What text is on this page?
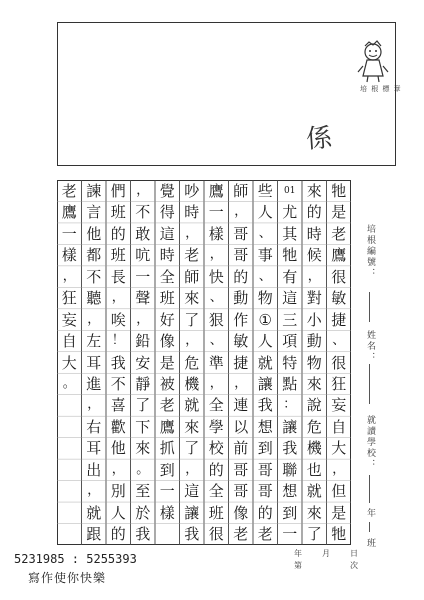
係
培 根 標 章
牠
是
老
鷹
很
敏
捷
、
很
狂
妄
自
大
，
但
是
牠
來
的
時
候
，
對
小
動
物
來
說
危
機
也
就
來
了
01
尤
其
牠
有
這
三
項
特
點
：
讓
我
聯
想
到
一
些
人
、
事
、
物
①
人
就
讓
我
想
到
哥
哥
的
老
師
，
哥
哥
的
動
作
敏
捷
，
連
以
前
哥
哥
像
老
鷹
一
樣
，
快
、
狠
、
準
，
全
學
校
的
全
班
很
吵
時
，
老
師
來
了
，
危
機
就
來
了
，
這
讓
我
覺
得
這
時
全
班
好
像
是
被
老
鷹
抓
到
一
樣
，
不
敢
吭
一
聲
，
鉛
安
靜
了
下
來
。
至
於
我
們
班
的
班
長
，
唉
！
我
不
喜
歡
他
，
別
人
的
諫
言
他
都
不
聽
，
左
耳
進
，
右
耳
出
，
就
跟
老
鷹
一
樣
，
狂
妄
自
大
。
培根編號：
姓名：
就讀學校：
年
班
年	月	日
第	次
5231985 : 5255393
寫作使你快樂
